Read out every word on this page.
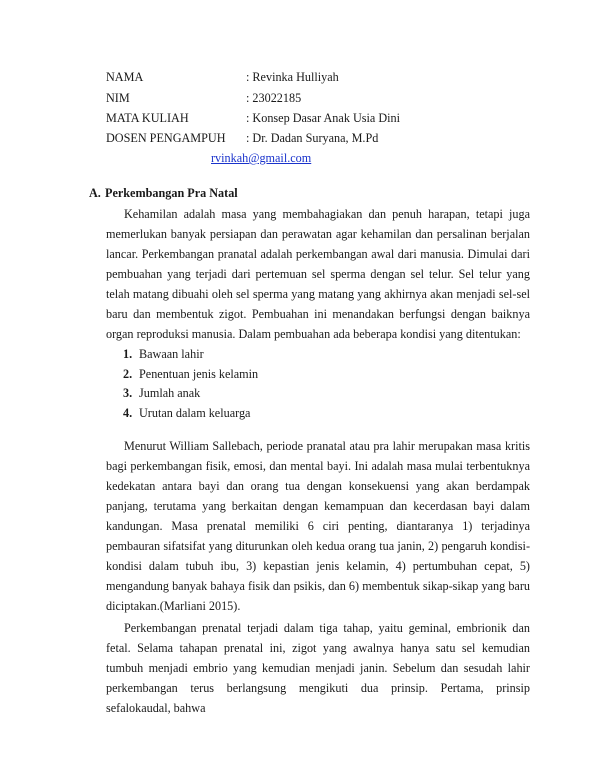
NAMA	: Revinka Hulliyah
NIM	: 23022185
MATA KULIAH	: Konsep Dasar Anak Usia Dini
DOSEN PENGAMPUH : Dr. Dadan Suryana, M.Pd
rvinkah@gmail.com
A. Perkembangan Pra Natal

Kehamilan adalah masa yang membahagiakan dan penuh harapan, tetapi juga memerlukan banyak persiapan dan perawatan agar kehamilan dan persalinan berjalan lancar. Perkembangan pranatal adalah perkembangan awal dari manusia. Dimulai dari pembuahan yang terjadi dari pertemuan sel sperma dengan sel telur. Sel telur yang telah matang dibuahi oleh sel sperma yang matang yang akhirnya akan menjadi sel-sel baru dan membentuk zigot. Pembuahan ini menandakan berfungsi dengan baiknya organ reproduksi manusia. Dalam pembuahan ada beberapa kondisi yang ditentukan:

1. Bawaan lahir
2. Penentuan jenis kelamin
3. Jumlah anak
4. Urutan dalam keluarga

Menurut William Sallebach, periode pranatal atau pra lahir merupakan masa kritis bagi perkembangan fisik, emosi, dan mental bayi. Ini adalah masa mulai terbentuknya kedekatan antara bayi dan orang tua dengan konsekuensi yang akan berdampak panjang, terutama yang berkaitan dengan kemampuan dan kecerdasan bayi dalam kandungan. Masa prenatal memiliki 6 ciri penting, diantaranya 1) terjadinya pembauran sifatsifat yang diturunkan oleh kedua orang tua janin, 2) pengaruh kondisi-kondisi dalam tubuh ibu, 3) kepastian jenis kelamin, 4) pertumbuhan cepat, 5) mengandung banyak bahaya fisik dan psikis, dan 6) membentuk sikap-sikap yang baru diciptakan.(Marliani 2015).

Perkembangan prenatal terjadi dalam tiga tahap, yaitu geminal, embrionik dan fetal. Selama tahapan prenatal ini, zigot yang awalnya hanya satu sel kemudian tumbuh menjadi embrio yang kemudian menjadi janin. Sebelum dan sesudah lahir perkembangan terus berlangsung mengikuti dua prinsip. Pertama, prinsip sefalokaudal, bahwa
